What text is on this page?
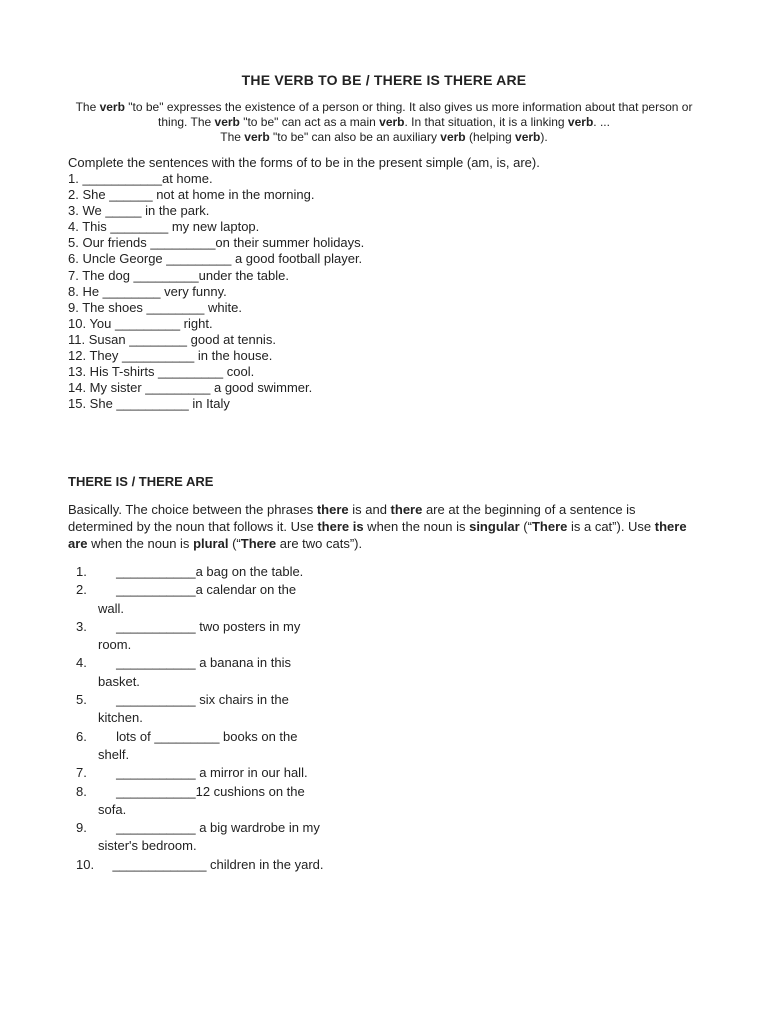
THE VERB TO BE / THERE IS THERE ARE
The verb "to be" expresses the existence of a person or thing. It also gives us more information about that person or thing. The verb "to be" can act as a main verb. In that situation, it is a linking verb. ...
The verb "to be" can also be an auxiliary verb (helping verb).
Complete the sentences with the forms of to be in the present simple (am, is, are).
1. ___________at home.
2. She ______ not at home in the morning.
3. We _____ in the park.
4. This ________ my new laptop.
5. Our friends _________on their summer holidays.
6. Uncle George _________ a good football player.
7. The dog _________under the table.
8. He ________ very funny.
9. The shoes ________ white.
10. You _________ right.
11. Susan ________ good at tennis.
12. They __________ in the house.
13. His T-shirts _________ cool.
14. My sister _________ a good swimmer.
15. She __________ in Italy
THERE IS / THERE ARE
Basically. The choice between the phrases there is and there are at the beginning of a sentence is determined by the noun that follows it. Use there is when the noun is singular (“There is a cat”). Use there are when the noun is plural (“There are two cats”).
1. ___________a bag on the table.
2.	___________a calendar on the
wall.
3.	___________ two posters in my
room.
4.	___________ a banana in this
basket.
5.	___________ six chairs in the
kitchen.
6.	lots of _________ books on the
shelf.
7. ___________ a mirror in our hall.
8.	___________12 cushions on the
sofa.
9.	___________ a big wardrobe in my
sister's bedroom.
10. _____________ children in the yard.
